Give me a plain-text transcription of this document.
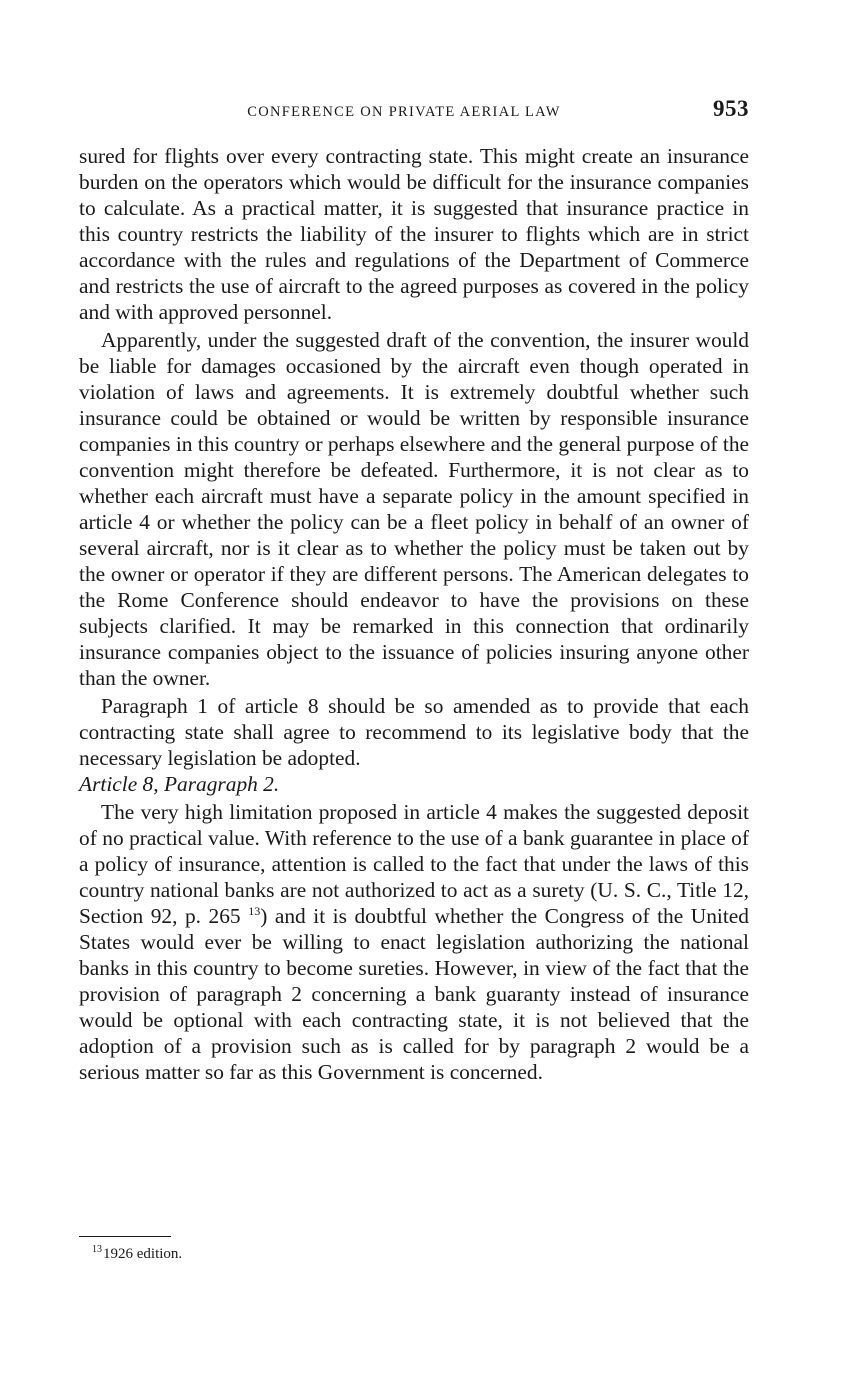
CONFERENCE ON PRIVATE AERIAL LAW	953

sured for flights over every contracting state. This might create an insurance burden on the operators which would be difficult for the insurance companies to calculate. As a practical matter, it is suggested that insurance practice in this country restricts the liability of the insurer to flights which are in strict accordance with the rules and regulations of the Department of Commerce and restricts the use of aircraft to the agreed purposes as covered in the policy and with approved personnel.

Apparently, under the suggested draft of the convention, the insurer would be liable for damages occasioned by the aircraft even though operated in violation of laws and agreements. It is extremely doubtful whether such insurance could be obtained or would be written by responsible insurance companies in this country or perhaps elsewhere and the general purpose of the convention might therefore be defeated. Furthermore, it is not clear as to whether each aircraft must have a separate policy in the amount specified in article 4 or whether the policy can be a fleet policy in behalf of an owner of several aircraft, nor is it clear as to whether the policy must be taken out by the owner or operator if they are different persons. The American delegates to the Rome Conference should endeavor to have the provisions on these subjects clarified. It may be remarked in this connection that ordinarily insurance companies object to the issuance of policies insuring anyone other than the owner.

Paragraph 1 of article 8 should be so amended as to provide that each contracting state shall agree to recommend to its legislative body that the necessary legislation be adopted.

Article 8, Paragraph 2.

The very high limitation proposed in article 4 makes the suggested deposit of no practical value. With reference to the use of a bank guarantee in place of a policy of insurance, attention is called to the fact that under the laws of this country national banks are not authorized to act as a surety (U. S. C., Title 12, Section 92, p. 265 $^{13}$) and it is doubtful whether the Congress of the United States would ever be willing to enact legislation authorizing the national banks in this country to become sureties. However, in view of the fact that the provision of paragraph 2 concerning a bank guaranty instead of insurance would be optional with each contracting state, it is not believed that the adoption of a provision such as is called for by paragraph 2 would be a serious matter so far as this Government is concerned.

$^{13}$1926 edition.
